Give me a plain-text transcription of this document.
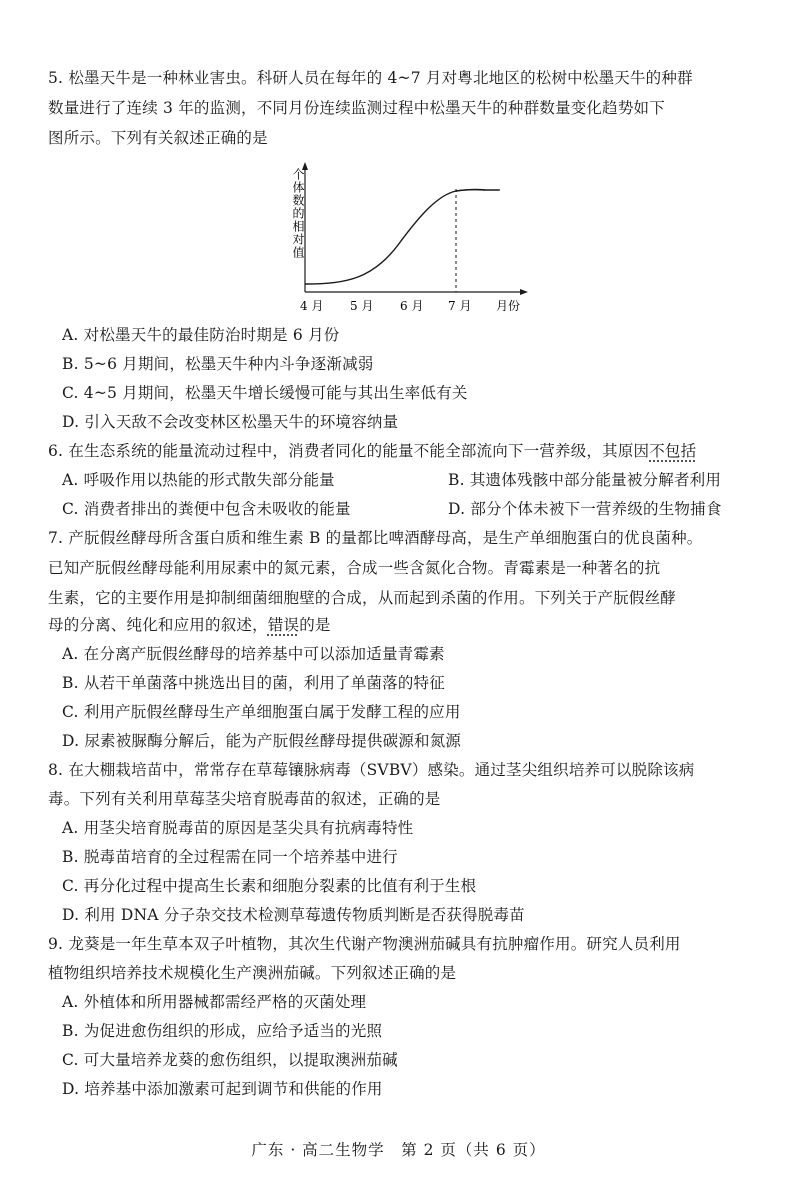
5. 松墨天牛是一种林业害虫。科研人员在每年的 4~7 月对粤北地区的松树中松墨天牛的种群
数量进行了连续 3 年的监测，不同月份连续监测过程中松墨天牛的种群数量变化趋势如下
图所示。下列有关叙述正确的是
个体数的相对值
4 月 5 月 6 月 7 月 月份
A. 对松墨天牛的最佳防治时期是 6 月份
B. 5~6 月期间，松墨天牛种内斗争逐渐减弱
C. 4~5 月期间，松墨天牛增长缓慢可能与其出生率低有关
D. 引入天敌不会改变林区松墨天牛的环境容纳量
6. 在生态系统的能量流动过程中，消费者同化的能量不能全部流向下一营养级，其原因不包括
A. 呼吸作用以热能的形式散失部分能量	B. 其遗体残骸中部分能量被分解者利用
C. 消费者排出的粪便中包含未吸收的能量	D. 部分个体未被下一营养级的生物捕食
7. 产朊假丝酵母所含蛋白质和维生素 B 的量都比啤酒酵母高，是生产单细胞蛋白的优良菌种。
已知产朊假丝酵母能利用尿素中的氮元素，合成一些含氮化合物。青霉素是一种著名的抗
生素，它的主要作用是抑制细菌细胞壁的合成，从而起到杀菌的作用。下列关于产朊假丝酵
母的分离、纯化和应用的叙述，错误的是
A. 在分离产朊假丝酵母的培养基中可以添加适量青霉素
B. 从若干单菌落中挑选出目的菌，利用了单菌落的特征
C. 利用产朊假丝酵母生产单细胞蛋白属于发酵工程的应用
D. 尿素被脲酶分解后，能为产朊假丝酵母提供碳源和氮源
8. 在大棚栽培苗中，常常存在草莓镶脉病毒（SVBV）感染。通过茎尖组织培养可以脱除该病
毒。下列有关利用草莓茎尖培育脱毒苗的叙述，正确的是
A. 用茎尖培育脱毒苗的原因是茎尖具有抗病毒特性
B. 脱毒苗培育的全过程需在同一个培养基中进行
C. 再分化过程中提高生长素和细胞分裂素的比值有利于生根
D. 利用 DNA 分子杂交技术检测草莓遗传物质判断是否获得脱毒苗
9. 龙葵是一年生草本双子叶植物，其次生代谢产物澳洲茄碱具有抗肿瘤作用。研究人员利用
植物组织培养技术规模化生产澳洲茄碱。下列叙述正确的是
A. 外植体和所用器械都需经严格的灭菌处理
B. 为促进愈伤组织的形成，应给予适当的光照
C. 可大量培养龙葵的愈伤组织，以提取澳洲茄碱
D. 培养基中添加激素可起到调节和供能的作用
广东 · 高二生物学　第 2 页（共 6 页）
